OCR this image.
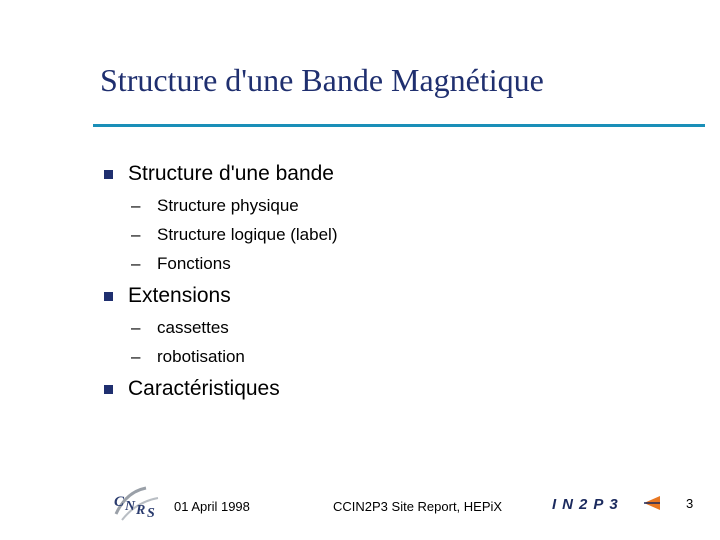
Structure d'une Bande Magnétique
Structure d'une bande
– Structure physique
– Structure logique (label)
– Fonctions
Extensions
– cassettes
– robotisation
Caractéristiques
C N R S 01 April 1998	CCIN2P3 Site Report, HEPiX	IN2P3	3
